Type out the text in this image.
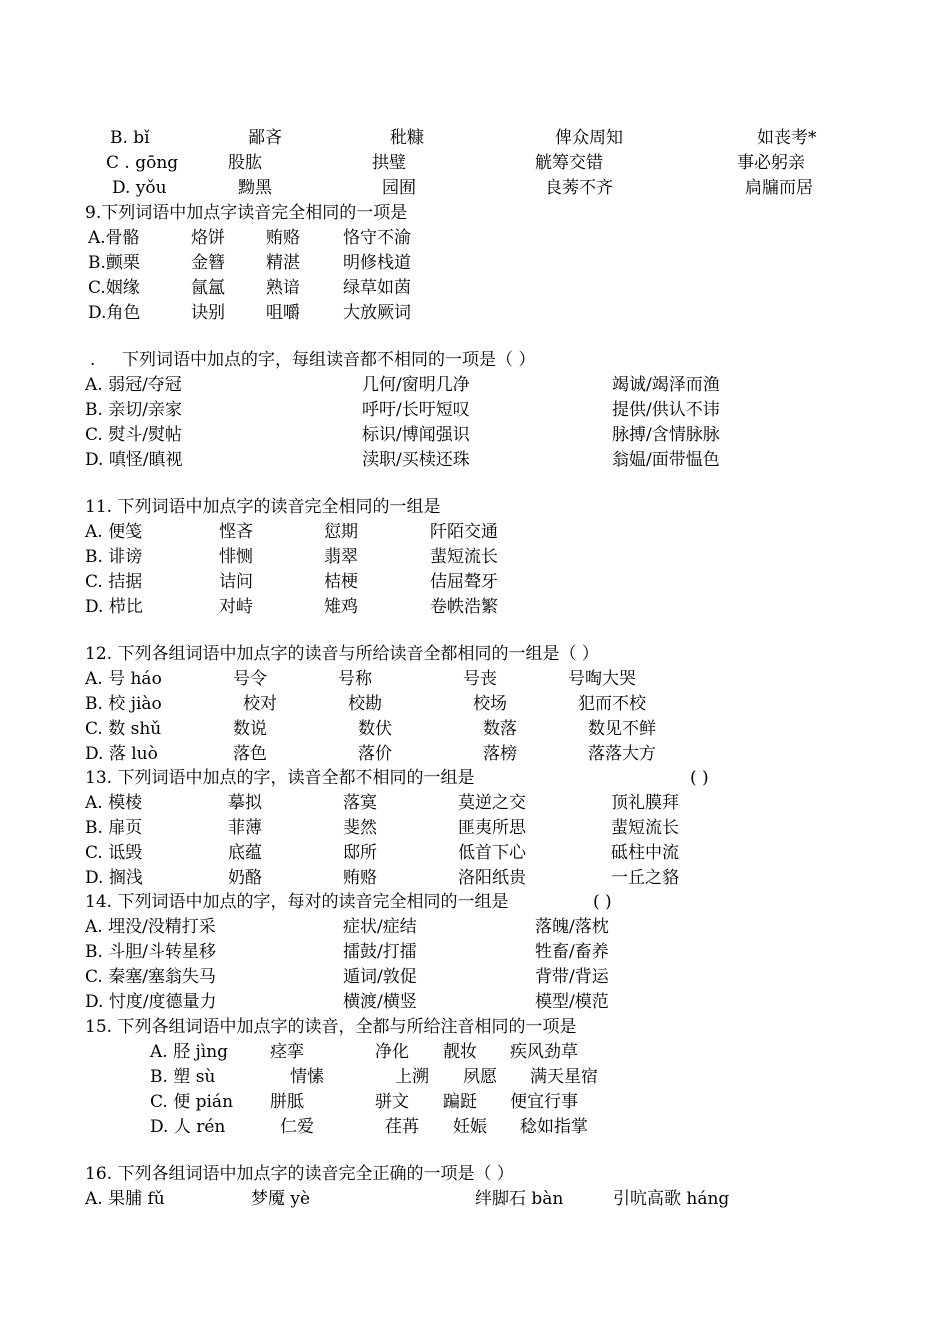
B. bǐ	鄙吝	秕糠	俾众周知	如丧考*
C . gōng	股肱	拱璧	觥筹交错	事必躬亲
D. yǒu	黝黑	园囿	良莠不齐	扃牖而居
9.下列词语中加点字读音完全相同的一项是
A.骨骼	烙饼 贿赂	恪守不渝
B.颤栗	金簪 精湛	明修栈道
C.姻缘	氤氲 熟谙	绿草如茵
D.角色	诀别 咀嚼	大放厥词
. 下列词语中加点的字，每组读音都不相同的一项是（ ）
A. 弱冠/夺冠	几何/窗明几净	竭诚/竭泽而渔
B. 亲切/亲家	呼吁/长吁短叹	提供/供认不讳
C. 熨斗/熨帖	标识/博闻强识	脉搏/含情脉脉
D. 嗔怪/瞋视	渎职/买椟还珠	翁媪/面带愠色
11. 下列词语中加点字的读音完全相同的一组是
A. 便笺	悭吝	愆期	阡陌交通
B. 诽谤	悱恻	翡翠	蜚短流长
C. 拮据	诘问	桔梗	佶屈聱牙
D. 栉比	对峙	雉鸡	卷帙浩繁
12. 下列各组词语中加点字的读音与所给读音全都相同的一组是（ ）
A. 号 háo	号令	号称	号丧	号啕大哭
B. 校 jiào	校对	校勘	校场	犯而不校
C. 数 shǔ	数说	数伏	数落	数见不鲜
D. 落 luò	落色	落价	落榜	落落大方
13. 下列词语中加点的字，读音全都不相同的一组是	( )
A. 模棱	摹拟	落寞	莫逆之交	顶礼膜拜
B. 扉页	菲薄	斐然	匪夷所思	蜚短流长
C. 诋毁	底蕴	邸所	低首下心	砥柱中流
D. 搁浅	奶酪	贿赂	洛阳纸贵	一丘之貉
14. 下列词语中加点的字，每对的读音完全相同的一组是	( )
A. 埋没/没精打采	症状/症结	落魄/落枕
B. 斗胆/斗转星移	擂鼓/打擂	牲畜/畜养
C. 秦塞/塞翁失马	遁词/敦促	背带/背运
D. 忖度/度德量力	横渡/横竖	模型/模范
15. 下列各组词语中加点字的读音，全都与所给注音相同的一项是
A. 胫 jìng 痉挛	净化 靓妆 疾风劲草
B. 塑 sù	情愫	上溯 夙愿 满天星宿
C. 便 pián 胼胝	骈文 蹁跹 便宜行事
D. 人 rén	仁爱	荏苒 妊娠 稔如指掌
16. 下列各组词语中加点字的读音完全正确的一项是（ ）
A. 果脯 fǔ	梦魇 yè	绊脚石 bàn	引吭高歌 háng
